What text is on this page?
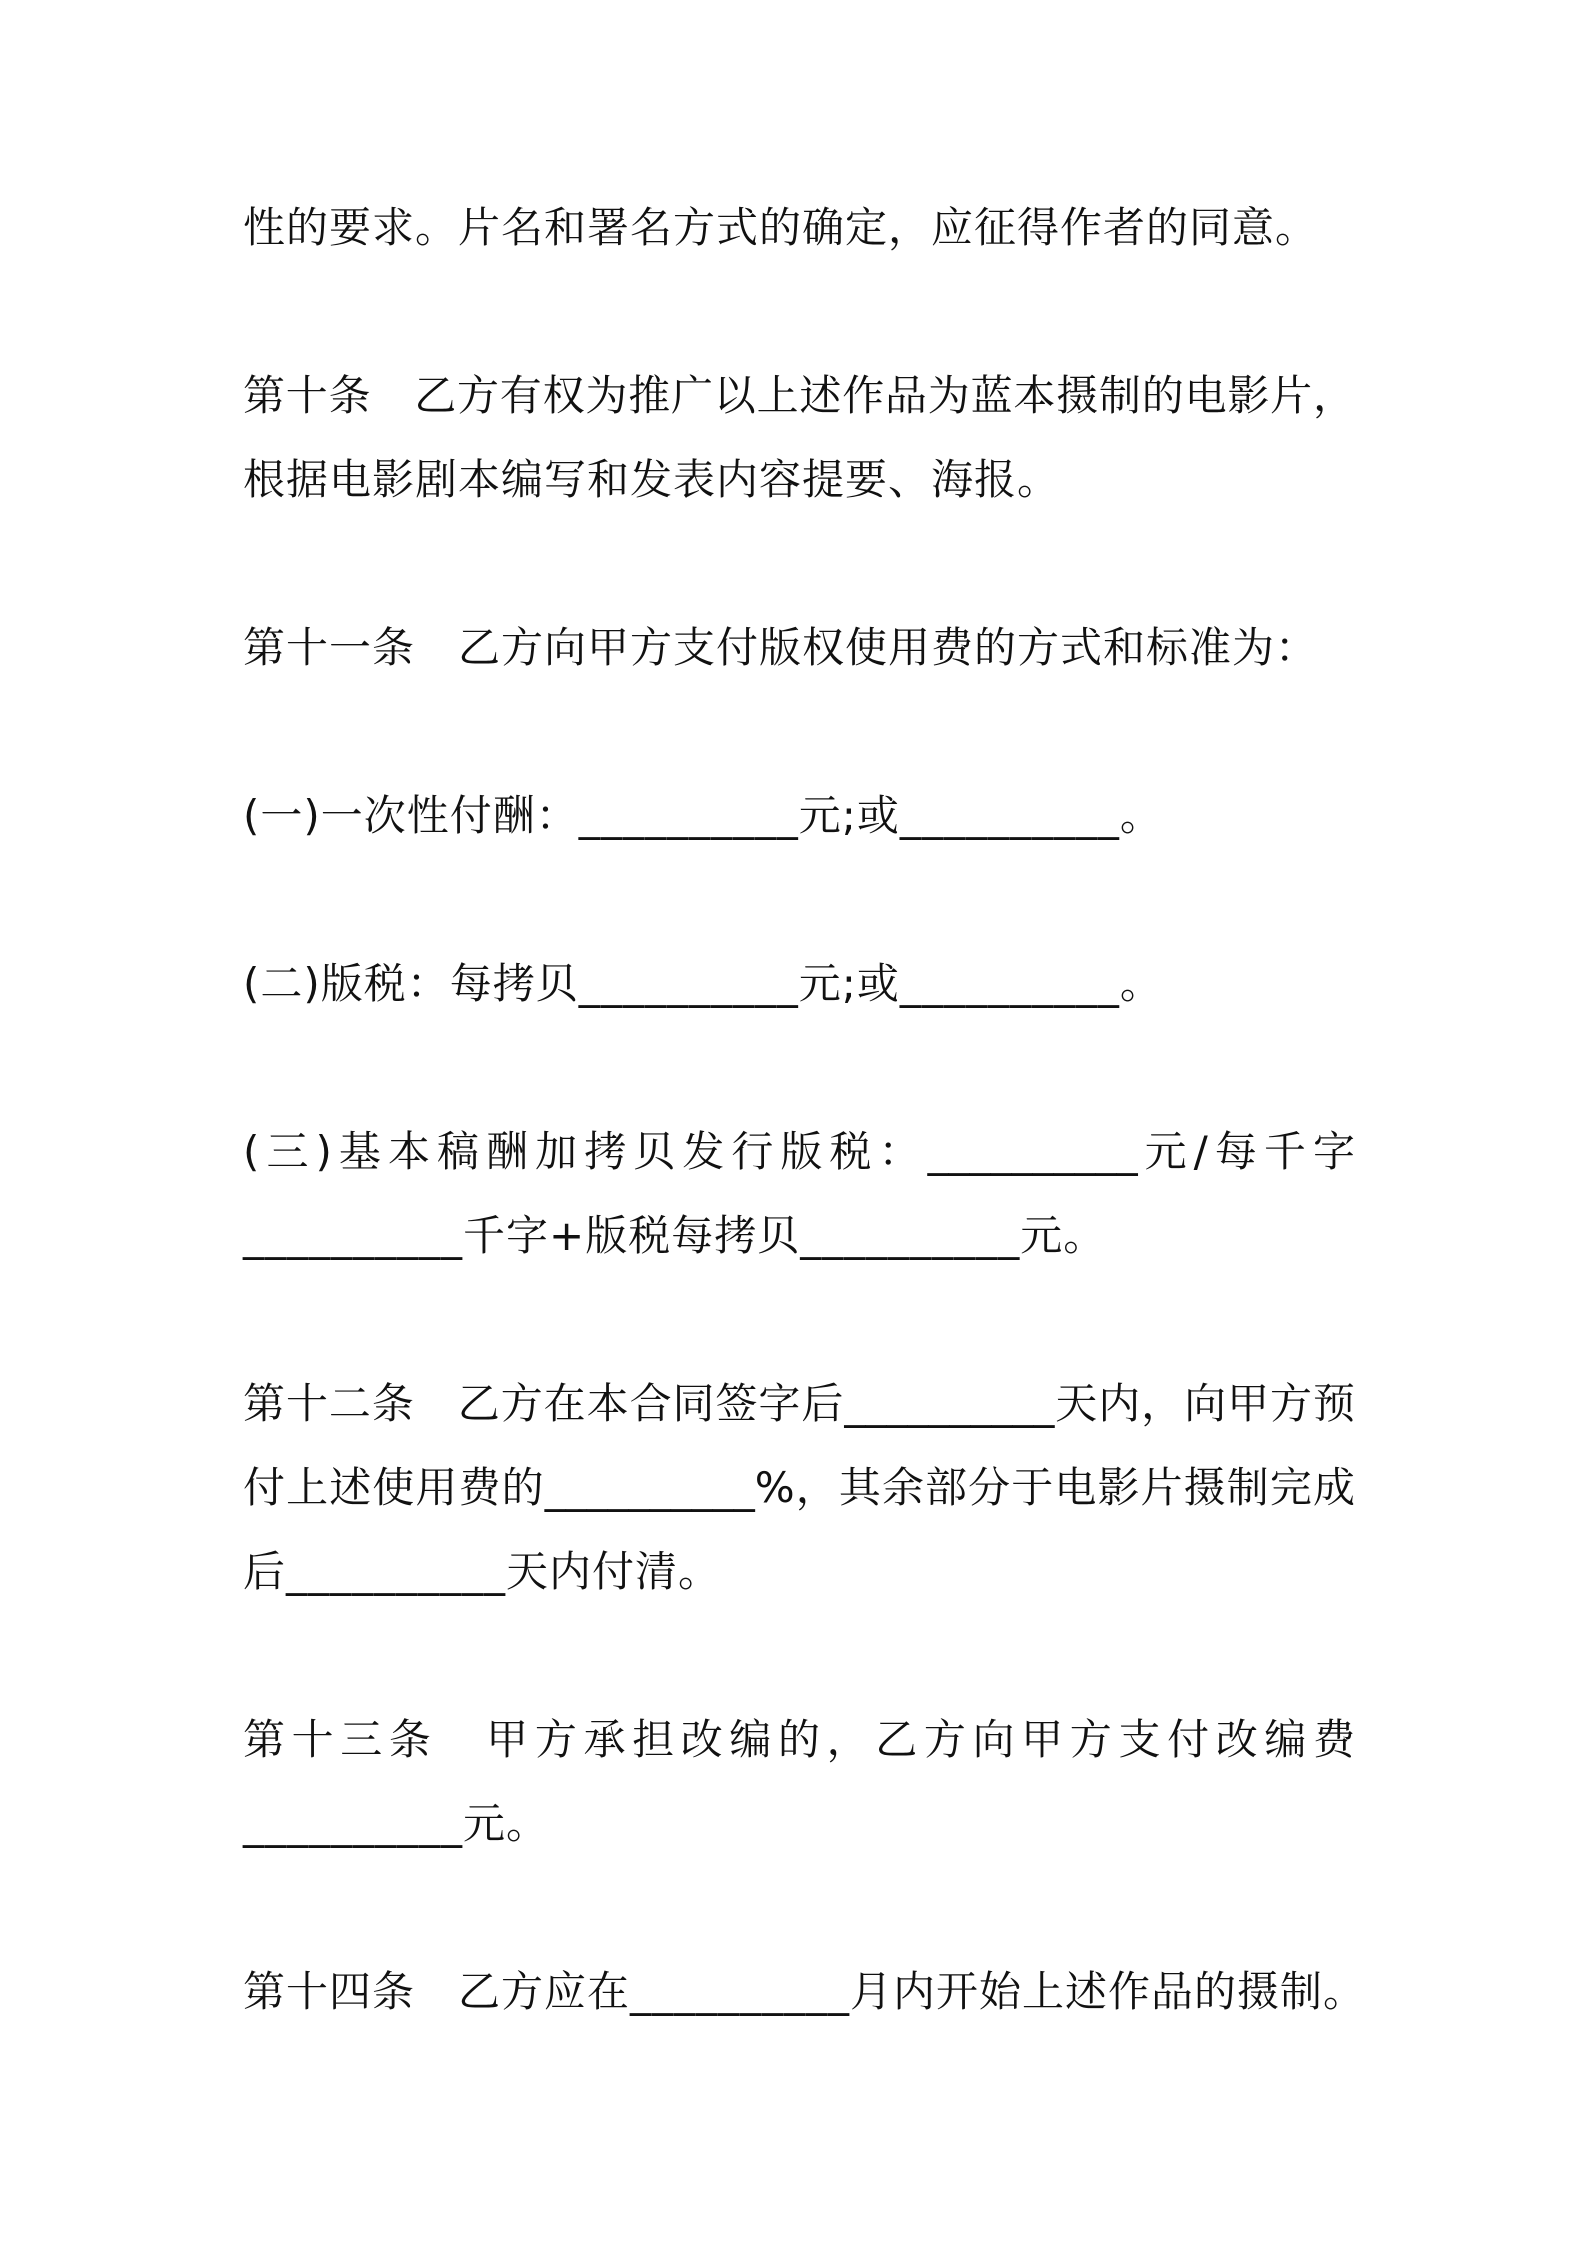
性的要求。片名和署名方式的确定，应征得作者的同意。
第十条　乙方有权为推广以上述作品为蓝本摄制的电影片，
根据电影剧本编写和发表内容提要、海报。
第十一条　乙方向甲方支付版权使用费的方式和标准为：
(一)一次性付酬：__________元;或__________。
(二)版税：每拷贝__________元;或__________。
(三)基本稿酬加拷贝发行版税：__________元/每千字
__________千字+版税每拷贝__________元。
第十二条　乙方在本合同签字后__________天内，向甲方预
付上述使用费的__________%，其余部分于电影片摄制完成
后__________天内付清。
第十三条　甲方承担改编的，乙方向甲方支付改编费
__________元。
第十四条　乙方应在__________月内开始上述作品的摄制。
